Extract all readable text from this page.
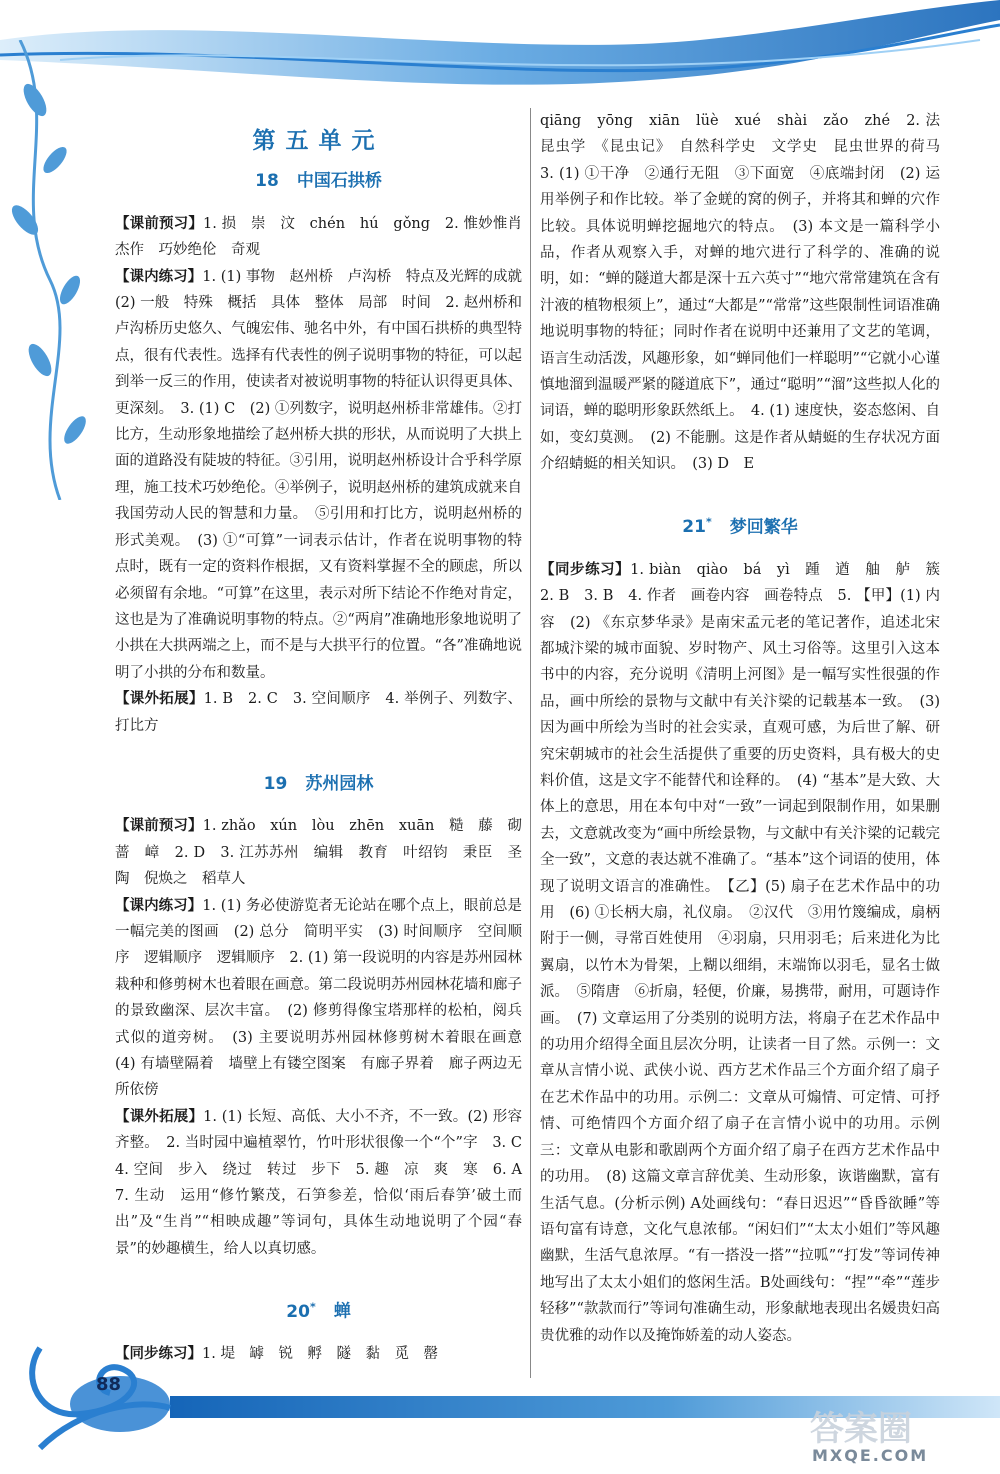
第五单元
18 中国石拱桥

【课前预习】1. 损　崇　汶　chén　hú　gǒng　2. 惟妙惟肖　杰作　巧妙绝伦　奇观

【课内练习】1. (1) 事物　赵州桥　卢沟桥　特点及光辉的成就　(2) 一般　特殊　概括　具体　整体　局部　时间　2. 赵州桥和卢沟桥历史悠久、气魄宏伟、驰名中外，有中国石拱桥的典型特点，很有代表性。选择有代表性的例子说明事物的特征，可以起到举一反三的作用，使读者对被说明事物的特征认识得更具体、更深刻。　3. (1) C　(2) ①列数字，说明赵州桥非常雄伟。②打比方，生动形象地描绘了赵州桥大拱的形状，从而说明了大拱上面的道路没有陡坡的特征。③引用，说明赵州桥设计合乎科学原理，施工技术巧妙绝伦。④举例子，说明赵州桥的建筑成就来自我国劳动人民的智慧和力量。　⑤引用和打比方，说明赵州桥的形式美观。　(3) ①“可算”一词表示估计，作者在说明事物的特点时，既有一定的资料作根据，又有资料掌握不全的顾虑，所以必须留有余地。“可算”在这里，表示对所下结论不作绝对肯定，这也是为了准确说明事物的特点。②“两肩”准确地形象地说明了小拱在大拱两端之上，而不是与大拱平行的位置。“各”准确地说明了小拱的分布和数量。

【课外拓展】1. B　2. C　3. 空间顺序　4. 举例子、列数字、打比方

19 苏州园林

【课前预习】1. zhǎo　xún　lòu　zhēn　xuān　糙　藤　砌　蔷　嶂　2. D　3. 江苏苏州　编辑　教育　叶绍钧　秉臣　圣陶　倪焕之　稻草人

【课内练习】1. (1) 务必使游览者无论站在哪个点上，眼前总是一幅完美的图画　(2) 总分　简明平实　(3) 时间顺序　空间顺序　逻辑顺序　逻辑顺序　2. (1) 第一段说明的内容是苏州园林栽种和修剪树木也着眼在画意。第二段说明苏州园林花墙和廊子的景致幽深、层次丰富。　(2) 修剪得像宝塔那样的松柏，阅兵式似的道旁树。　(3) 主要说明苏州园林修剪树木着眼在画意　(4) 有墙壁隔着　墙壁上有镂空图案　有廊子界着　廊子两边无所依傍

【课外拓展】1. (1) 长短、高低、大小不齐，不一致。(2) 形容齐整。　2. 当时园中遍植翠竹，竹叶形状很像一个“个”字　3. C　4. 空间　步入　绕过　转过　步下　5. 趣　凉　爽　寒　6. A　7. 生动　运用“修竹繁茂，石笋参差，恰似‘雨后春笋’破土而出”及“生肖”“相映成趣”等词句，具体生动地说明了个园“春景”的妙趣横生，给人以真切感。

20* 蝉

【同步练习】1. 堤　罅　锐　孵　隧　黏　觅　罄

qiāng　yōng　xiān　lüè　xué　shài　zǎo　zhé　2. 法　昆虫学　《昆虫记》　自然科学史　文学史　昆虫世界的荷马　3. (1) ①干净　②通行无阻　③下面宽　④底端封闭　(2) 运用举例子和作比较。举了金蜣的窝的例子，并将其和蝉的穴作比较。具体说明蝉挖掘地穴的特点。　(3) 本文是一篇科学小品，作者从观察入手，对蝉的地穴进行了科学的、准确的说明，如：“蝉的隧道大都是深十五六英寸”“地穴常常建筑在含有汁液的植物根须上”，通过“大都是”“常常”这些限制性词语准确地说明事物的特征；同时作者在说明中还兼用了文艺的笔调，语言生动活泼，风趣形象，如“蝉同他们一样聪明”“它就小心谨慎地溜到温暖严紧的隧道底下”，通过“聪明”“溜”这些拟人化的词语，蝉的聪明形象跃然纸上。　4. (1) 速度快，姿态悠闲、自如，变幻莫测。　(2) 不能删。这是作者从蜻蜓的生存状况方面介绍蜻蜓的相关知识。　(3) D　E

21* 梦回繁华

【同步练习】1. biàn　qiào　bá　yì　踵　遒　舳　舻　簇　2. B　3. B　4. 作者　画卷内容　画卷特点　5. 【甲】(1) 内容　(2) 《东京梦华录》是南宋孟元老的笔记著作，追述北宋都城汴梁的城市面貌、岁时物产、风土习俗等。这里引入这本书中的内容，充分说明《清明上河图》是一幅写实性很强的作品，画中所绘的景物与文献中有关汴梁的记载基本一致。　(3) 因为画中所绘为当时的社会实录，直观可感，为后世了解、研究宋朝城市的社会生活提供了重要的历史资料，具有极大的史料价值，这是文字不能替代和诠释的。　(4) “基本”是大致、大体上的意思，用在本句中对“一致”一词起到限制作用，如果删去，文意就改变为“画中所绘景物，与文献中有关汴梁的记载完全一致”，文意的表达就不准确了。“基本”这个词语的使用，体现了说明文语言的准确性。　【乙】(5) 扇子在艺术作品中的功用　(6) ①长柄大扇，礼仪扇。　②汉代　③用竹篾编成，扇柄附于一侧，寻常百姓使用　④羽扇，只用羽毛；后来进化为比翼扇，以竹木为骨架，上糊以细绢，末端饰以羽毛，显名士做派。　⑤隋唐　⑥折扇，轻便，价廉，易携带，耐用，可题诗作画。　(7) 文章运用了分类别的说明方法，将扇子在艺术作品中的功用介绍得全面且层次分明，让读者一目了然。示例一：文章从言情小说、武侠小说、西方艺术作品三个方面介绍了扇子在艺术作品中的功用。示例二：文章从可煽情、可定情、可抒情、可绝情四个方面介绍了扇子在言情小说中的功用。示例三：文章从电影和歌剧两个方面介绍了扇子在西方艺术作品中的功用。　(8) 这篇文章言辞优美、生动形象，诙谐幽默，富有生活气息。(分析示例) A处画线句：“春日迟迟”“昏昏欲睡”等语句富有诗意，文化气息浓郁。“闲妇们”“太太小姐们”等风趣幽默，生活气息浓厚。“有一搭没一搭”“拉呱”“打发”等词传神地写出了太太小姐们的悠闲生活。B处画线句：“捏”“牵”“莲步轻移”“款款而行”等词句准确生动，形象献地表现出名媛贵妇高贵优雅的动作以及掩饰娇羞的动人姿态。

88
答案圈
MXQE.COM
